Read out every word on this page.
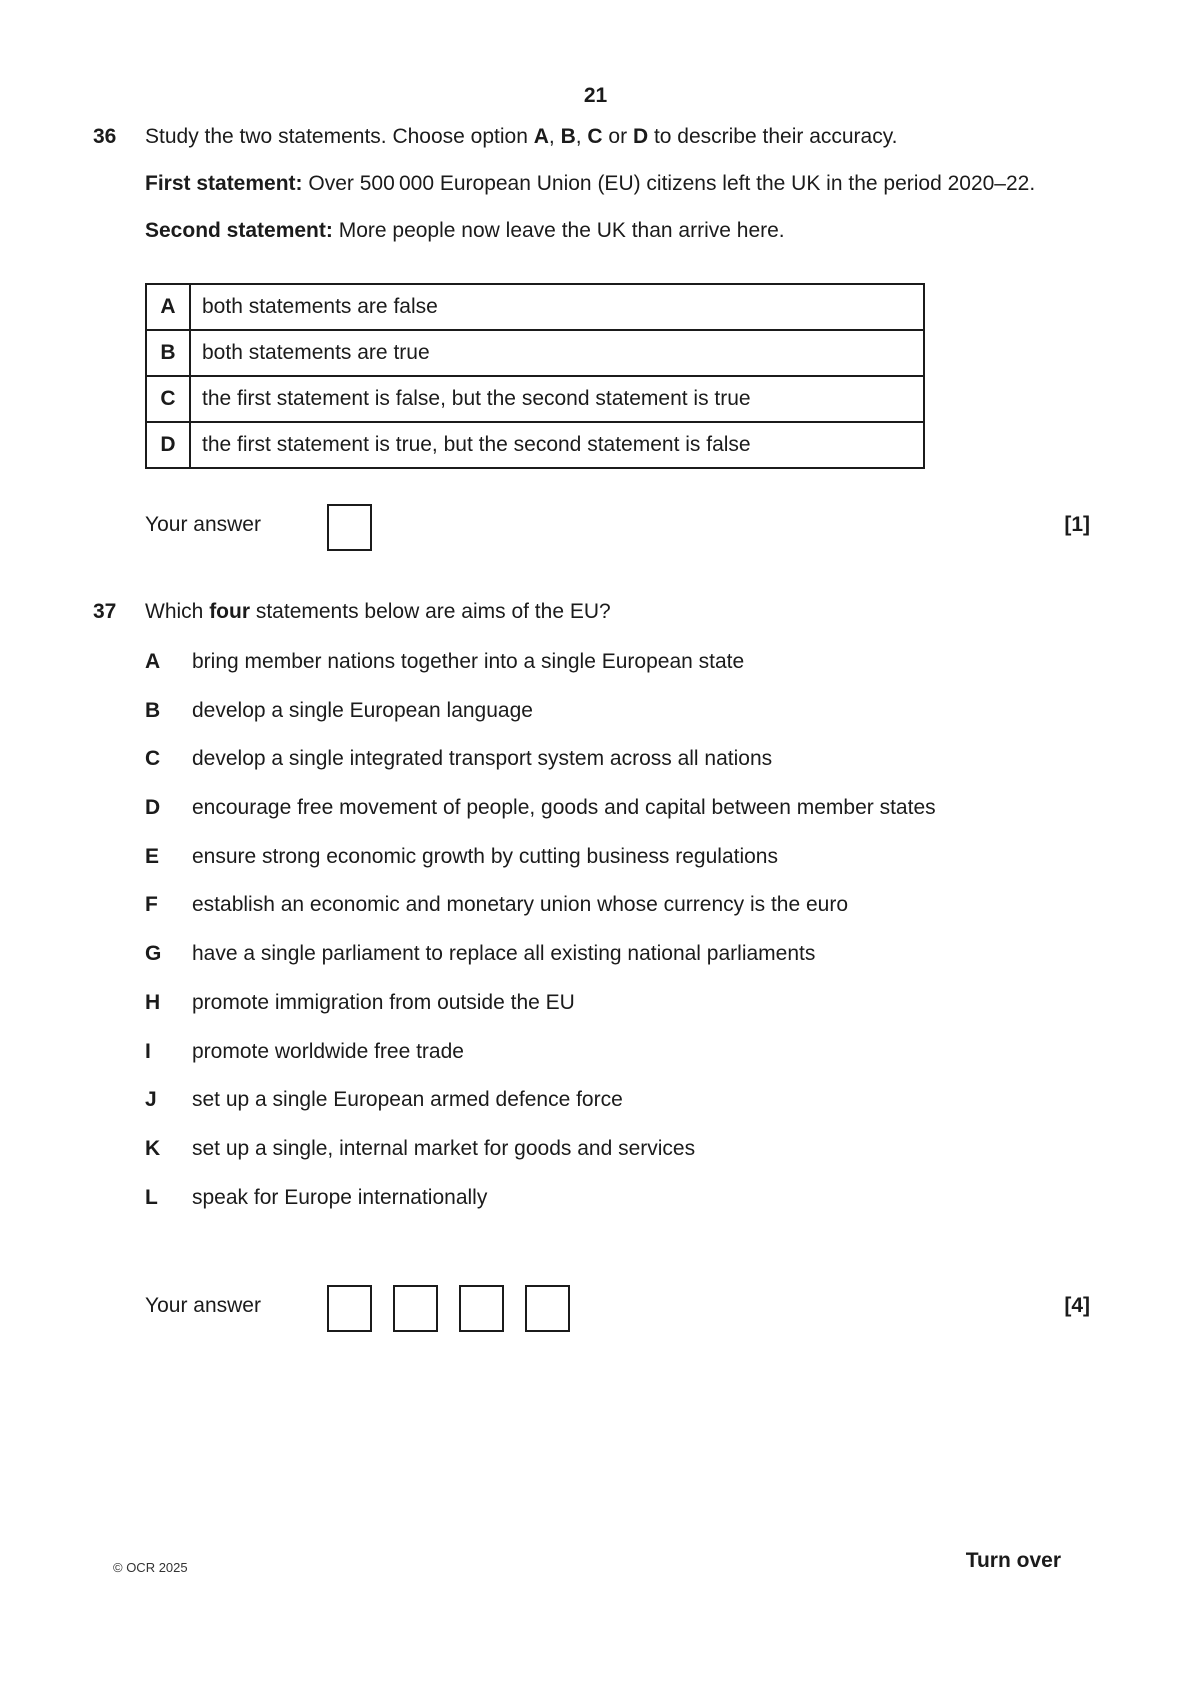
21
36 Study the two statements. Choose option A, B, C or D to describe their accuracy.
First statement: Over 500 000 European Union (EU) citizens left the UK in the period 2020–22.
Second statement: More people now leave the UK than arrive here.
A	both statements are false
B	both statements are true
C	the first statement is false, but the second statement is true
D	the first statement is true, but the second statement is false
Your answer	[1]
37 Which four statements below are aims of the EU?
A	bring member nations together into a single European state
B	develop a single European language
C	develop a single integrated transport system across all nations
D	encourage free movement of people, goods and capital between member states
E	ensure strong economic growth by cutting business regulations
F	establish an economic and monetary union whose currency is the euro
G	have a single parliament to replace all existing national parliaments
H	promote immigration from outside the EU
I	promote worldwide free trade
J	set up a single European armed defence force
K	set up a single, internal market for goods and services
L	speak for Europe internationally
Your answer	[4]
© OCR 2025	Turn over
